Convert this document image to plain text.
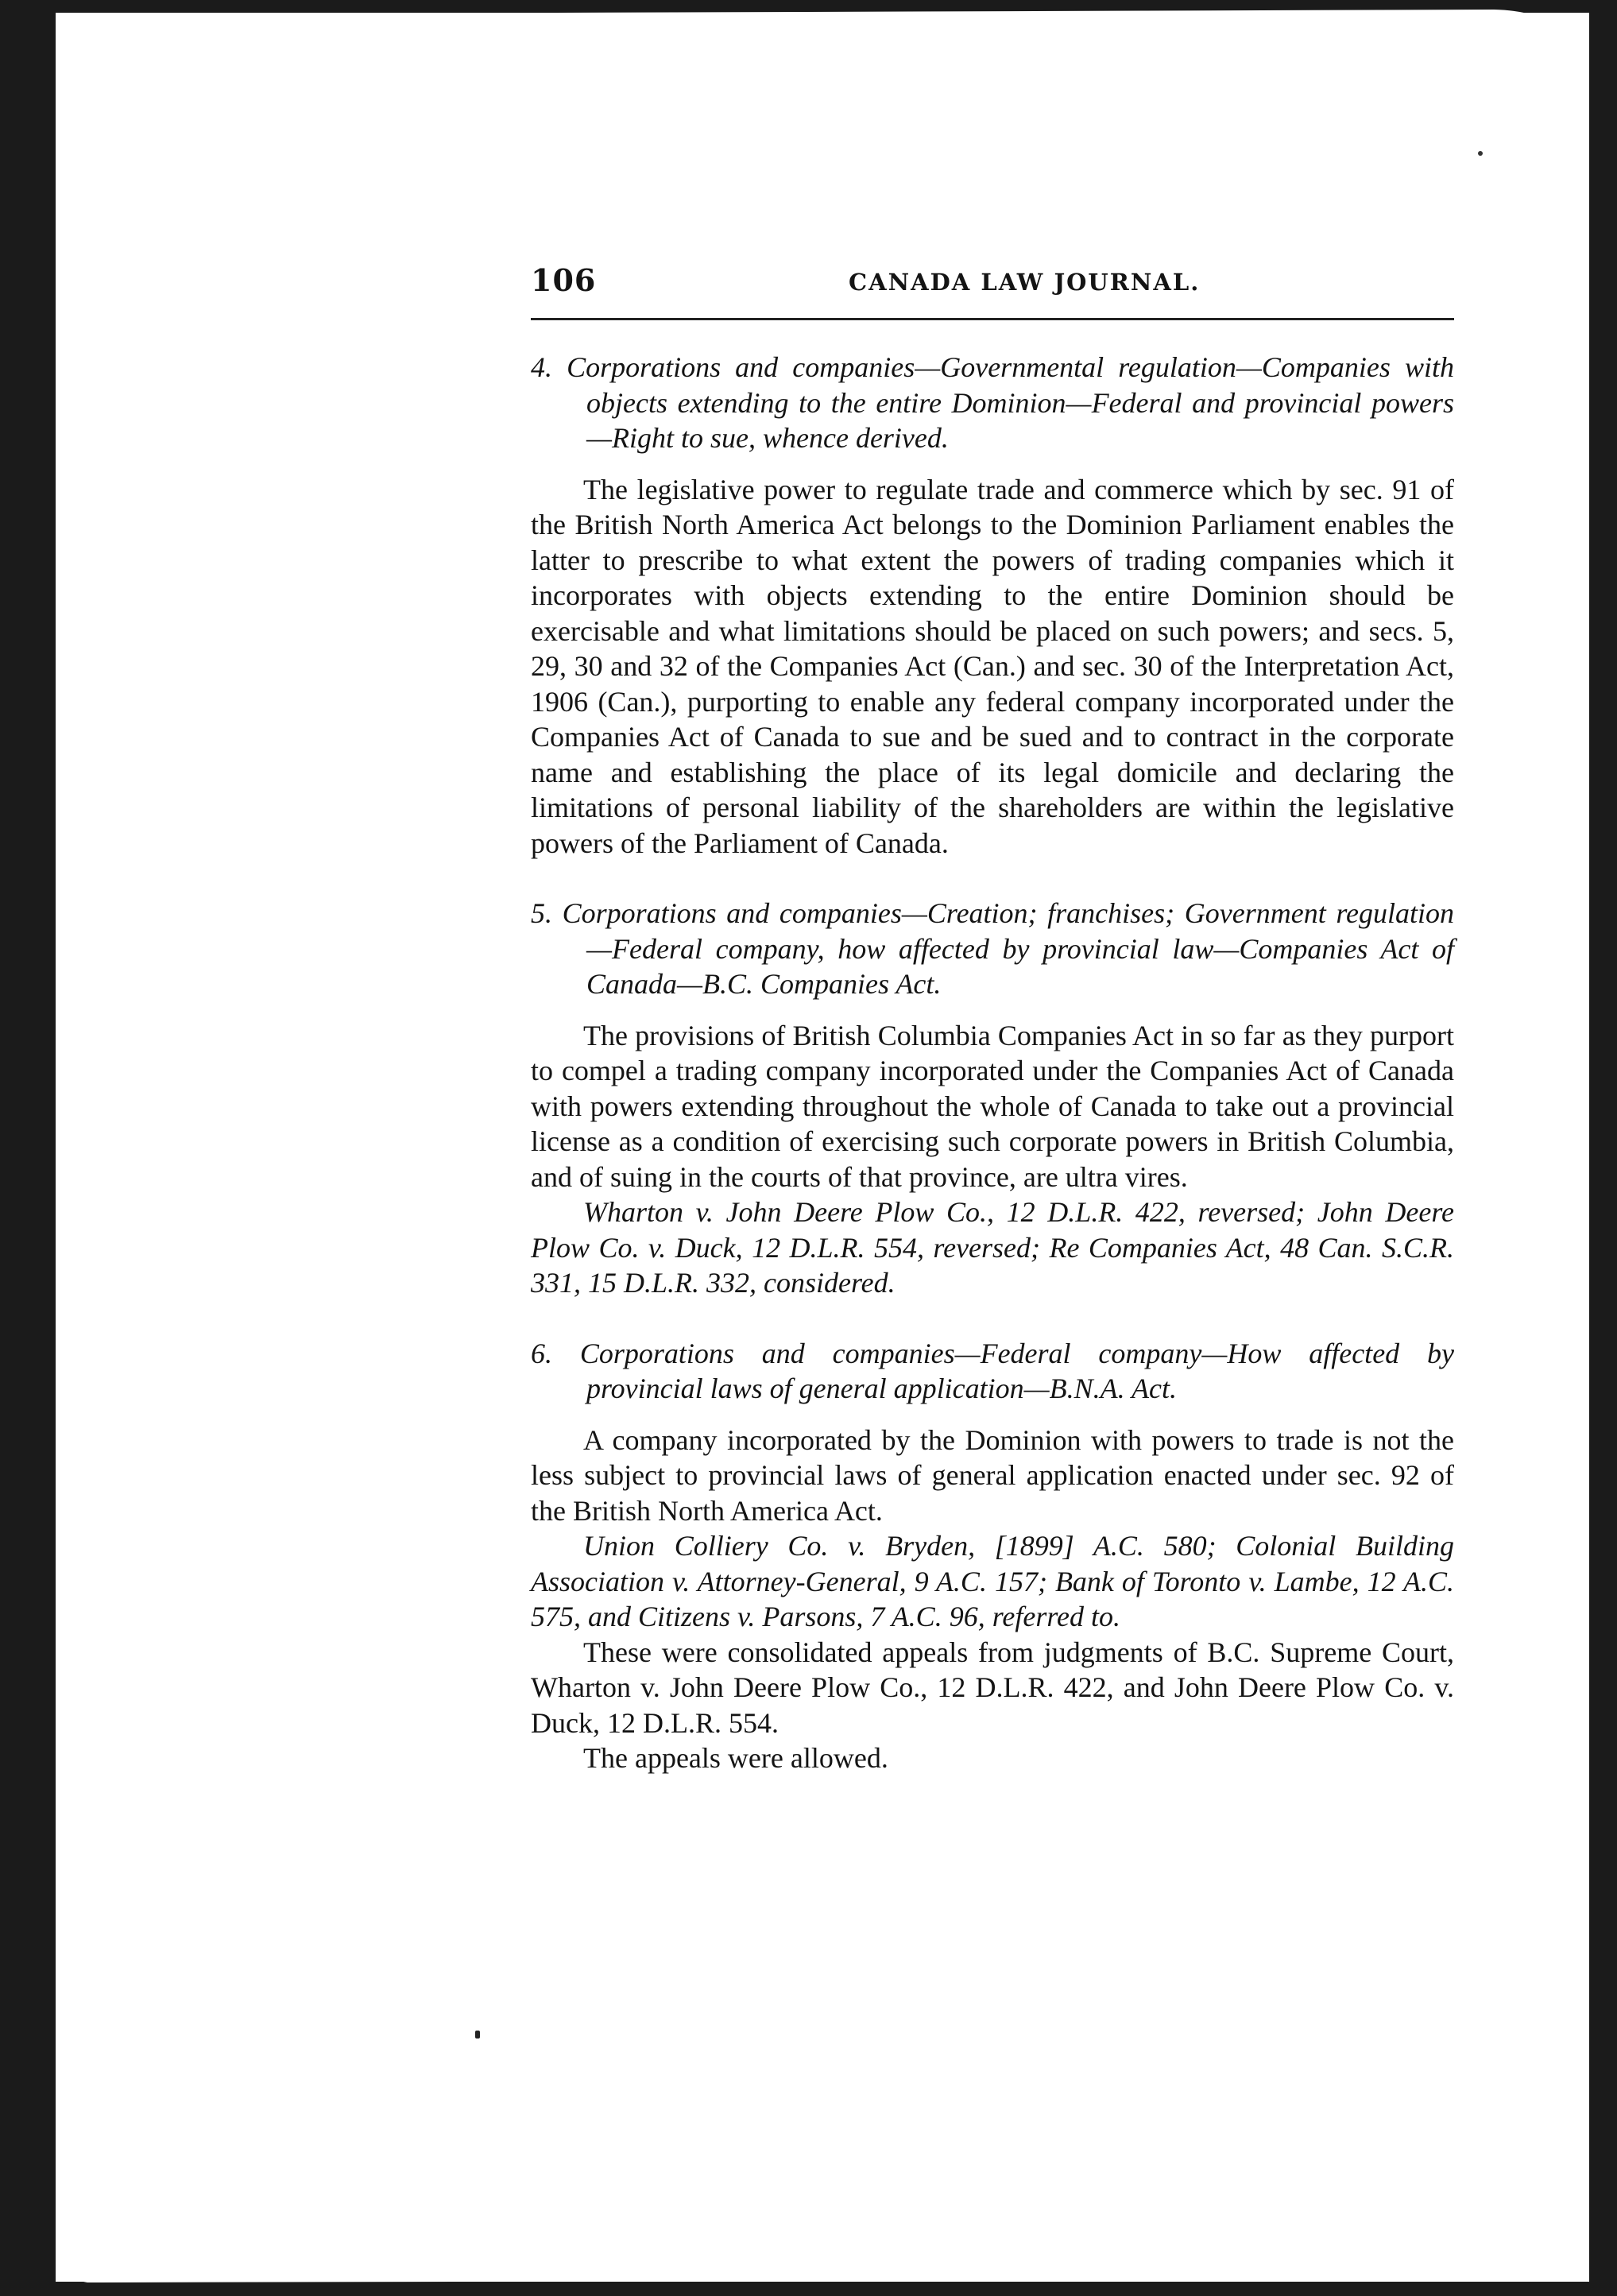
106	CANADA LAW JOURNAL.

4. Corporations and companies—Governmental regulation—Companies with objects extending to the entire Dominion—Federal and provincial powers—Right to sue, whence derived.

The legislative power to regulate trade and commerce which by sec. 91 of the British North America Act belongs to the Dominion Parliament enables the latter to prescribe to what extent the powers of trading companies which it incorporates with objects extending to the entire Dominion should be exercisable and what limitations should be placed on such powers; and secs. 5, 29, 30 and 32 of the Companies Act (Can.) and sec. 30 of the Interpretation Act, 1906 (Can.), purporting to enable any federal company incorporated under the Companies Act of Canada to sue and be sued and to contract in the corporate name and establishing the place of its legal domicile and declaring the limitations of personal liability of the shareholders are within the legislative powers of the Parliament of Canada.

5. Corporations and companies—Creation; franchises; Government regulation—Federal company, how affected by provincial law—Companies Act of Canada—B.C. Companies Act.

The provisions of British Columbia Companies Act in so far as they purport to compel a trading company incorporated under the Companies Act of Canada with powers extending throughout the whole of Canada to take out a provincial license as a condition of exercising such corporate powers in British Columbia, and of suing in the courts of that province, are ultra vires.

Wharton v. John Deere Plow Co., 12 D.L.R. 422, reversed; John Deere Plow Co. v. Duck, 12 D.L.R. 554, reversed; Re Companies Act, 48 Can. S.C.R. 331, 15 D.L.R. 332, considered.

6. Corporations and companies—Federal company—How affected by provincial laws of general application—B.N.A. Act.

A company incorporated by the Dominion with powers to trade is not the less subject to provincial laws of general application enacted under sec. 92 of the British North America Act.

Union Colliery Co. v. Bryden, [1899] A.C. 580; Colonial Building Association v. Attorney-General, 9 A.C. 157; Bank of Toronto v. Lambe, 12 A.C. 575, and Citizens v. Parsons, 7 A.C. 96, referred to.

These were consolidated appeals from judgments of B.C. Supreme Court, Wharton v. John Deere Plow Co., 12 D.L.R. 422, and John Deere Plow Co. v. Duck, 12 D.L.R. 554.

The appeals were allowed.
